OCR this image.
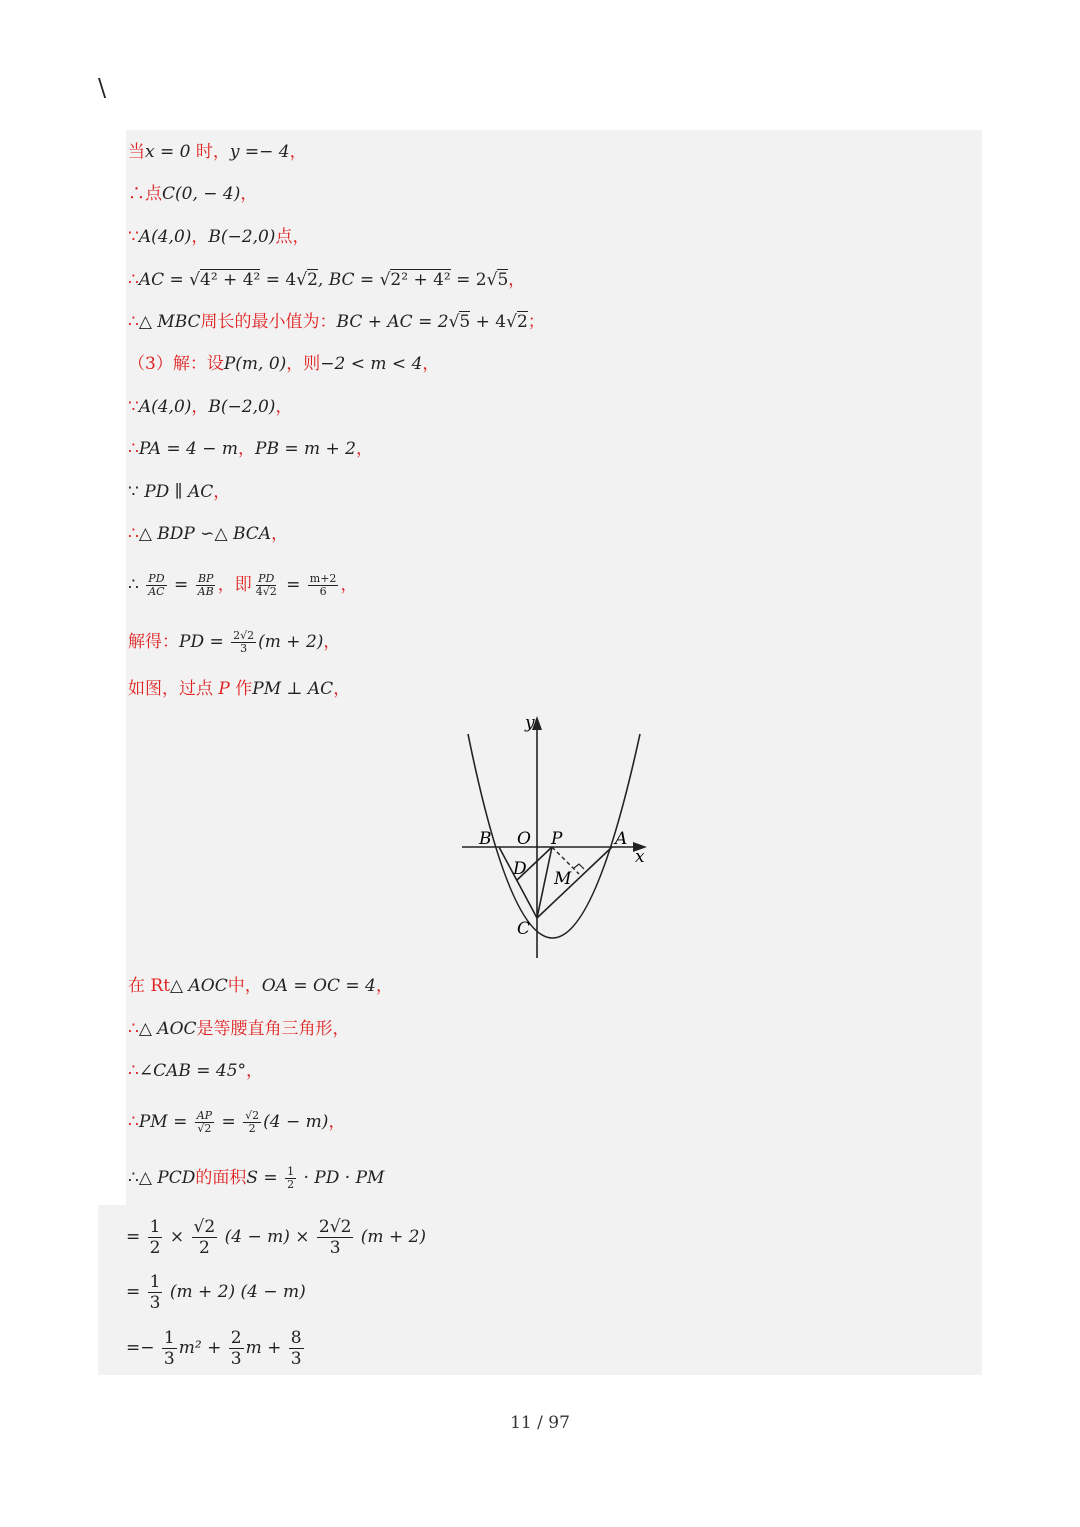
\
当x = 0 时，y =− 4，
∴点C(0, − 4)，
∵A(4,0)，B(−2,0)点，
∴AC = √4² + 4² = 4√2, BC = √2² + 4² = 2√5，
∴△ MBC周长的最小值为：BC + AC = 2√5 + 4√2；
（3）解：设P(m, 0)，则−2 < m < 4，
∵A(4,0)，B(−2,0)，
∴PA = 4 − m，PB = m + 2，
∵ PD ∥ AC，
∴△ BDP ∽△ BCA，
∴ $\frac{PD}{AC} = \frac{BP}{AB}$ ，即 $\frac{PD}{4√2} = \frac{m+2}{6}$ ，
解得：PD = $\frac{2√2}{3} (m + 2)$，
如图，过点 P 作PM ⊥ AC，
y
x
B O P	A
D M
C
在 Rt△ AOC中，OA = OC = 4，
∴△ AOC是等腰直角三角形，
∴∠CAB = 45°，
∴PM = $\frac{AP}{√2} = \frac{√2}{2} (4 - m)$，
∴△ PCD的面积$S = \frac{1}{2}$ · PD · PM
= $\frac{1}{2} \times \frac{√2}{2} (4 - m) \times \frac{2√2}{3} (m + 2)$
= $\frac{1}{3} (m + 2) (4 - m)$
=− $\frac{1}{3} m^2 + \frac{2}{3}$ $m + \frac{8}{3}$
11 / 97
